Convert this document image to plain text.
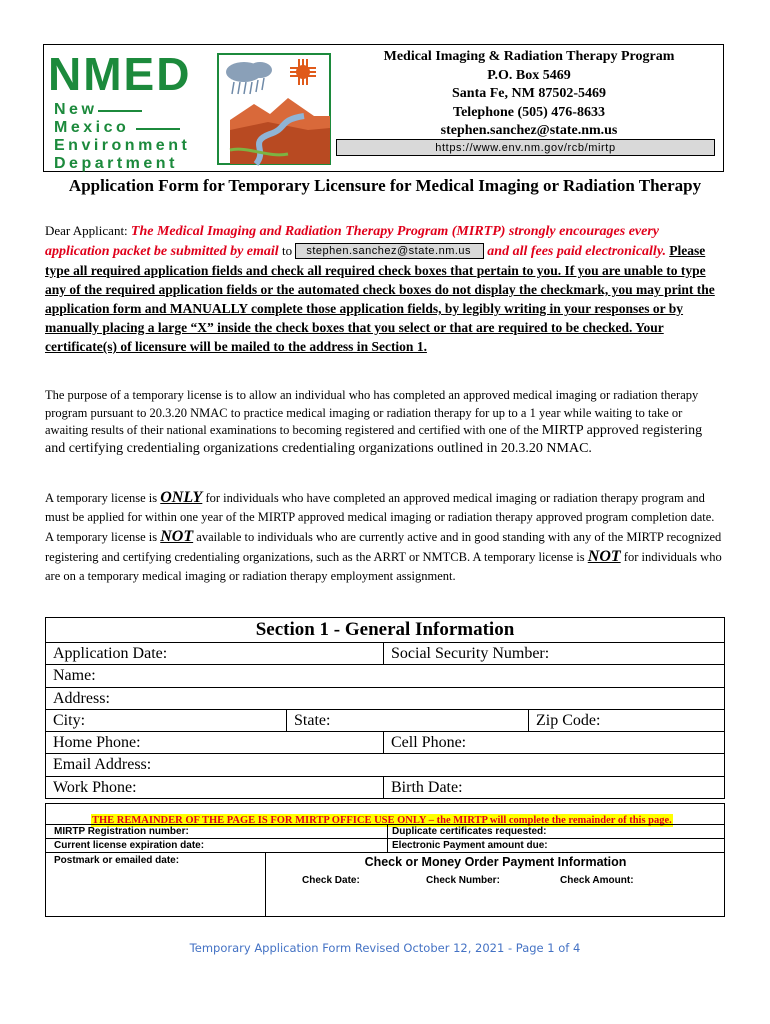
NMED
New
Mexico
Environment
Department
Medical Imaging & Radiation Therapy Program
P.O. Box 5469
Santa Fe, NM 87502-5469
Telephone (505) 476-8633
stephen.sanchez@state.nm.us
https://www.env.nm.gov/rcb/mirtp
Application Form for Temporary Licensure for Medical Imaging or Radiation Therapy
Dear Applicant: The Medical Imaging and Radiation Therapy Program (MIRTP) strongly encourages every application packet be submitted by email to stephen.sanchez@state.nm.us and all fees paid electronically. Please type all required application fields and check all required check boxes that pertain to you. If you are unable to type any of the required application fields or the automated check boxes do not display the checkmark, you may print the application form and MANUALLY complete those application fields, by legibly writing in your responses or by manually placing a large “X” inside the check boxes that you select or that are required to be checked. Your certificate(s) of licensure will be mailed to the address in Section 1.
The purpose of a temporary license is to allow an individual who has completed an approved medical imaging or radiation therapy program pursuant to 20.3.20 NMAC to practice medical imaging or radiation therapy for up to a 1 year while waiting to take or awaiting results of their national examinations to becoming registered and certified with one of the MIRTP approved registering and certifying credentialing organizations credentialing organizations outlined in 20.3.20 NMAC.
A temporary license is ONLY for individuals who have completed an approved medical imaging or radiation therapy program and must be applied for within one year of the MIRTP approved medical imaging or radiation therapy approved program completion date. A temporary license is NOT available to individuals who are currently active and in good standing with any of the MIRTP recognized registering and certifying credentialing organizations, such as the ARRT or NMTCB. A temporary license is NOT for individuals who are on a temporary medical imaging or radiation therapy employment assignment.
Section 1 - General Information
Application Date:	Social Security Number:
Name:
Address:
City:	State:	Zip Code:
Home Phone:	Cell Phone:
Email Address:
Work Phone:	Birth Date:
THE REMAINDER OF THE PAGE IS FOR MIRTP OFFICE USE ONLY – the MIRTP will complete the remainder of this page.
MIRTP Registration number:	Duplicate certificates requested:
Current license expiration date:	Electronic Payment amount due:
Postmark or emailed date:	Check or Money Order Payment Information
Check Date:	Check Number:	Check Amount:
Temporary Application Form Revised October 12, 2021 - Page 1 of 4
